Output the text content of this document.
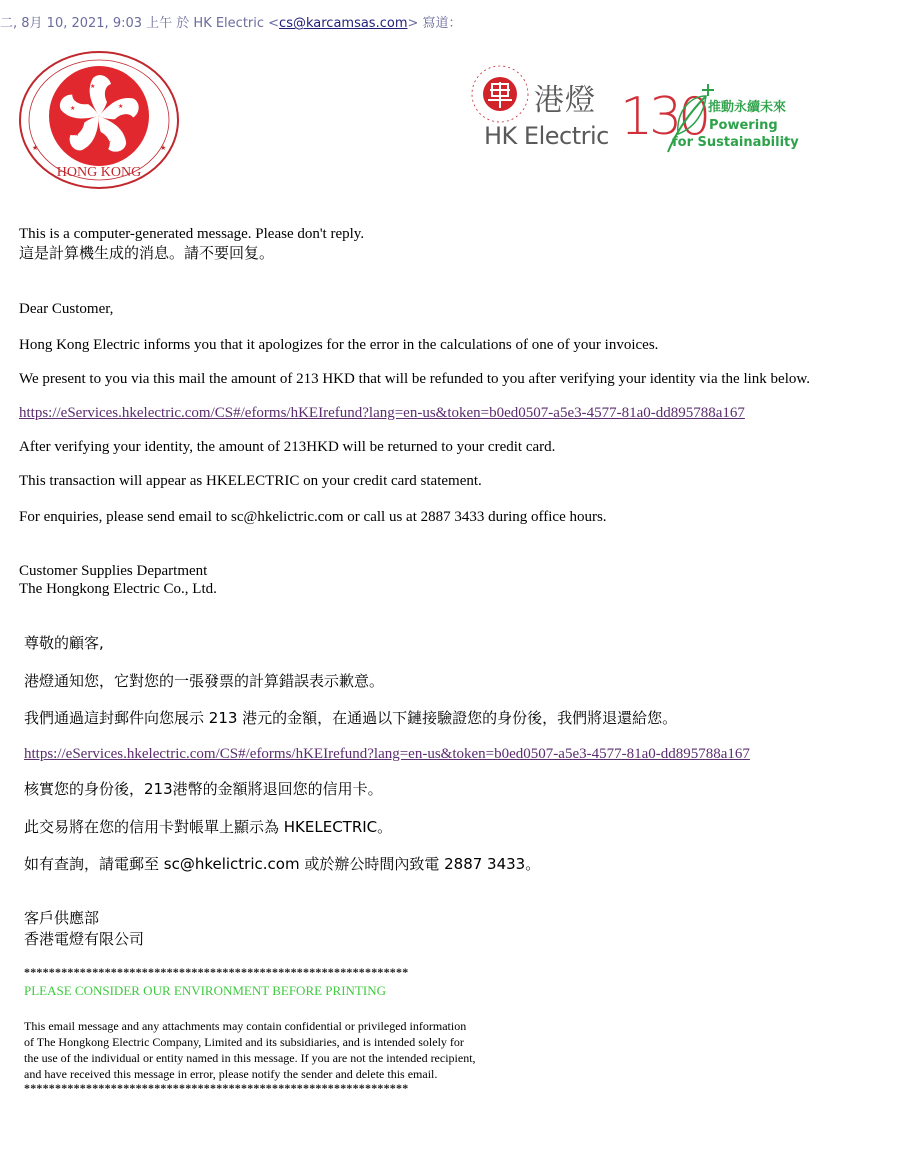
二, 8月 10, 2021, 9:03 上午 於 HK Electric <cs@karcamsas.com> 寫道：
★
★
★
★
★
HONG KONG
★	★
港燈
HK Electric 130 推動永續未來
Powering
for Sustainability
This is a computer-generated message. Please don't reply.
這是計算機生成的消息。請不要回复。
Dear Customer,
Hong Kong Electric informs you that it apologizes for the error in the calculations of one of your invoices.
We present to you via this mail the amount of 213 HKD that will be refunded to you after verifying your identity via the link below.
https://eServices.hkelectric.com/CS#/eforms/hKEIrefund?lang=en-us&token=b0ed0507-a5e3-4577-81a0-dd895788a167
After verifying your identity, the amount of 213HKD will be returned to your credit card.
This transaction will appear as HKELECTRIC on your credit card statement.
For enquiries, please send email to sc@hkelictric.com or call us at 2887 3433 during office hours.
Customer Supplies Department
The Hongkong Electric Co., Ltd.
尊敬的顧客,
港燈通知您，它對您的一張發票的計算錯誤表示歉意。
我們通過這封郵件向您展示 213 港元的金額，在通過以下鏈接驗證您的身份後，我們將退還給您。
https://eServices.hkelectric.com/CS#/eforms/hKEIrefund?lang=en-us&token=b0ed0507-a5e3-4577-81a0-dd895788a167
核實您的身份後，213港幣的金額將退回您的信用卡。
此交易將在您的信用卡對帳單上顯示為 HKELECTRIC。
如有查詢，請電郵至 sc@hkelictric.com 或於辦公時間內致電 2887 3433。
客戶供應部
香港電燈有限公司
**************************************************************
PLEASE CONSIDER OUR ENVIRONMENT BEFORE PRINTING
This email message and any attachments may contain confidential or privileged information
of The Hongkong Electric Company, Limited and its subsidiaries, and is intended solely for
the use of the individual or entity named in this message. If you are not the intended recipient,
and have received this message in error, please notify the sender and delete this email.
**************************************************************
